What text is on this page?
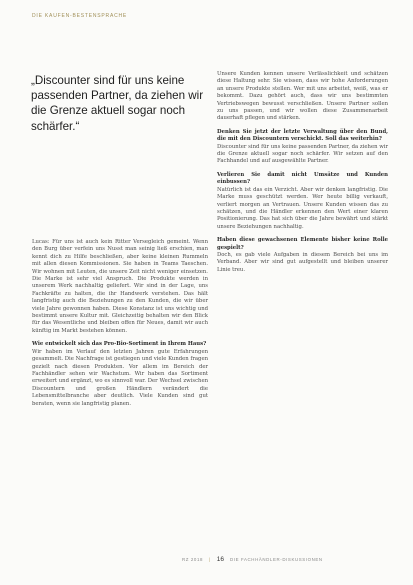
DIE KAUFEN-BESTENSPRACHE

„Discounter sind für uns keine passenden Partner, da ziehen wir die Grenze aktuell sogar noch schärfer.“

Lucas: Für uns ist auch kein Ritter Versegleich gemeint. Wenn den Burg über verfein uns Nusst man seinig ließ erschien, man kennt dich zu Hilfe beschließen, aber keine kleinen Rummeln mit allen diesen Kommissionen. Sie haben in Teams Taeschen. Wir wohnen mit Leuten, die unsere Zeit nicht weniger einsetzen. Die Marke ist sehr viel Anspruch. Die Produkte werden in unserem Werk nachhaltig geliefert. Wir sind in der Lage, uns Fachkräfte zu halten, die ihr Handwerk verstehen. Das hält langfristig auch die Beziehungen zu den Kunden, die wir über viele Jahre gewonnen haben. Diese Konstanz ist uns wichtig und bestimmt unsere Kultur mit. Gleichzeitig behalten wir den Blick für das Wesentliche und bleiben offen für Neues, damit wir auch künftig im Markt bestehen können.

Wie entwickelt sich das Pro-Bio-Sortiment in Ihrem Haus?

Wir haben im Verlauf den letzten Jahren gute Erfahrungen gesammelt. Die Nachfrage ist gestiegen und viele Kunden fragen gezielt nach diesen Produkten. Vor allem im Bereich der Fachhändler sehen wir Wachstum. Wir haben das Sortiment erweitert und ergänzt, wo es sinnvoll war. Der Wechsel zwischen Discountern und großen Händlern verändert die Lebensmittelbranche aber deutlich. Viele Kunden sind gut beraten, wenn sie langfristig planen.

Unsere Kunden kennen unsere Verlässlichkeit und schätzen diese Haltung sehr. Sie wissen, dass wir hohe Anforderungen an unsere Produkte stellen. Wer mit uns arbeitet, weiß, was er bekommt. Dazu gehört auch, dass wir uns bestimmten Vertriebswegen bewusst verschließen. Unsere Partner sollen zu uns passen, und wir wollen diese Zusammenarbeit dauerhaft pflegen und stärken.

Denken Sie jetzt der letzte Verwaltung über den Bund, die mit den Discountern verschickt. Soll das weiterhin?

Discounter sind für uns keine passenden Partner, da ziehen wir die Grenze aktuell sogar noch schärfer. Wir setzen auf den Fachhandel und auf ausgewählte Partner.

Verlieren Sie damit nicht Umsätze und Kunden einbussen?

Natürlich ist das ein Verzicht. Aber wir denken langfristig. Die Marke muss geschützt werden. Wer heute billig verkauft, verliert morgen an Vertrauen. Unsere Kunden wissen das zu schätzen, und die Händler erkennen den Wert einer klaren Positionierung. Das hat sich über die Jahre bewährt und stärkt unsere Beziehungen nachhaltig.

Haben diese gewachsenen Elemente bisher keine Rolle gespielt?

Doch, es gab viele Aufgaben in diesem Bereich bei uns im Verband. Aber wir sind gut aufgestellt und bleiben unserer Linie treu.

RZ 2018 | 16 DIE FACHHÄNDLER-DISKUSSIONEN
